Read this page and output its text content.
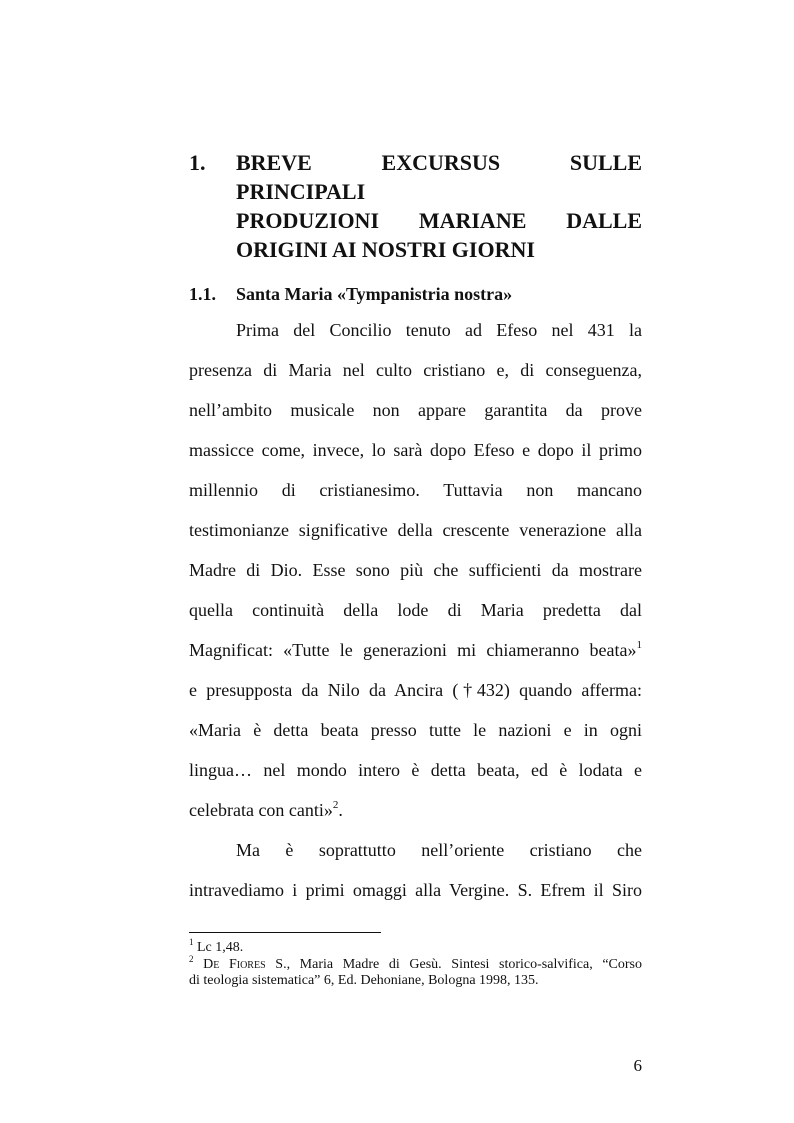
1. BREVE EXCURSUS SULLE PRINCIPALI
PRODUZIONI MARIANE DALLE
ORIGINI AI NOSTRI GIORNI
1.1. Santa Maria «Tympanistria nostra»
Prima del Concilio tenuto ad Efeso nel 431 la
presenza di Maria nel culto cristiano e, di conseguenza,
nell’ambito musicale non appare garantita da prove
massicce come, invece, lo sarà dopo Efeso e dopo il primo
millennio di cristianesimo. Tuttavia non mancano
testimonianze significative della crescente venerazione alla
Madre di Dio. Esse sono più che sufficienti da mostrare
quella continuità della lode di Maria predetta dal
Magnificat: «Tutte le generazioni mi chiameranno beata»$^1$
e presupposta da Nilo da Ancira (†432) quando afferma:
«Maria è detta beata presso tutte le nazioni e in ogni
lingua… nel mondo intero è detta beata, ed è lodata e
celebrata con canti»$^2$.
Ma è soprattutto nell’oriente cristiano che
intravediamo i primi omaggi alla Vergine. S. Efrem il Siro
$^1$ Lc 1,48.
$^2$ De Fiores S., Maria Madre di Gesù. Sintesi storico-salvifica, “Corso
di teologia sistematica” 6, Ed. Dehoniane, Bologna 1998, 135.
6
